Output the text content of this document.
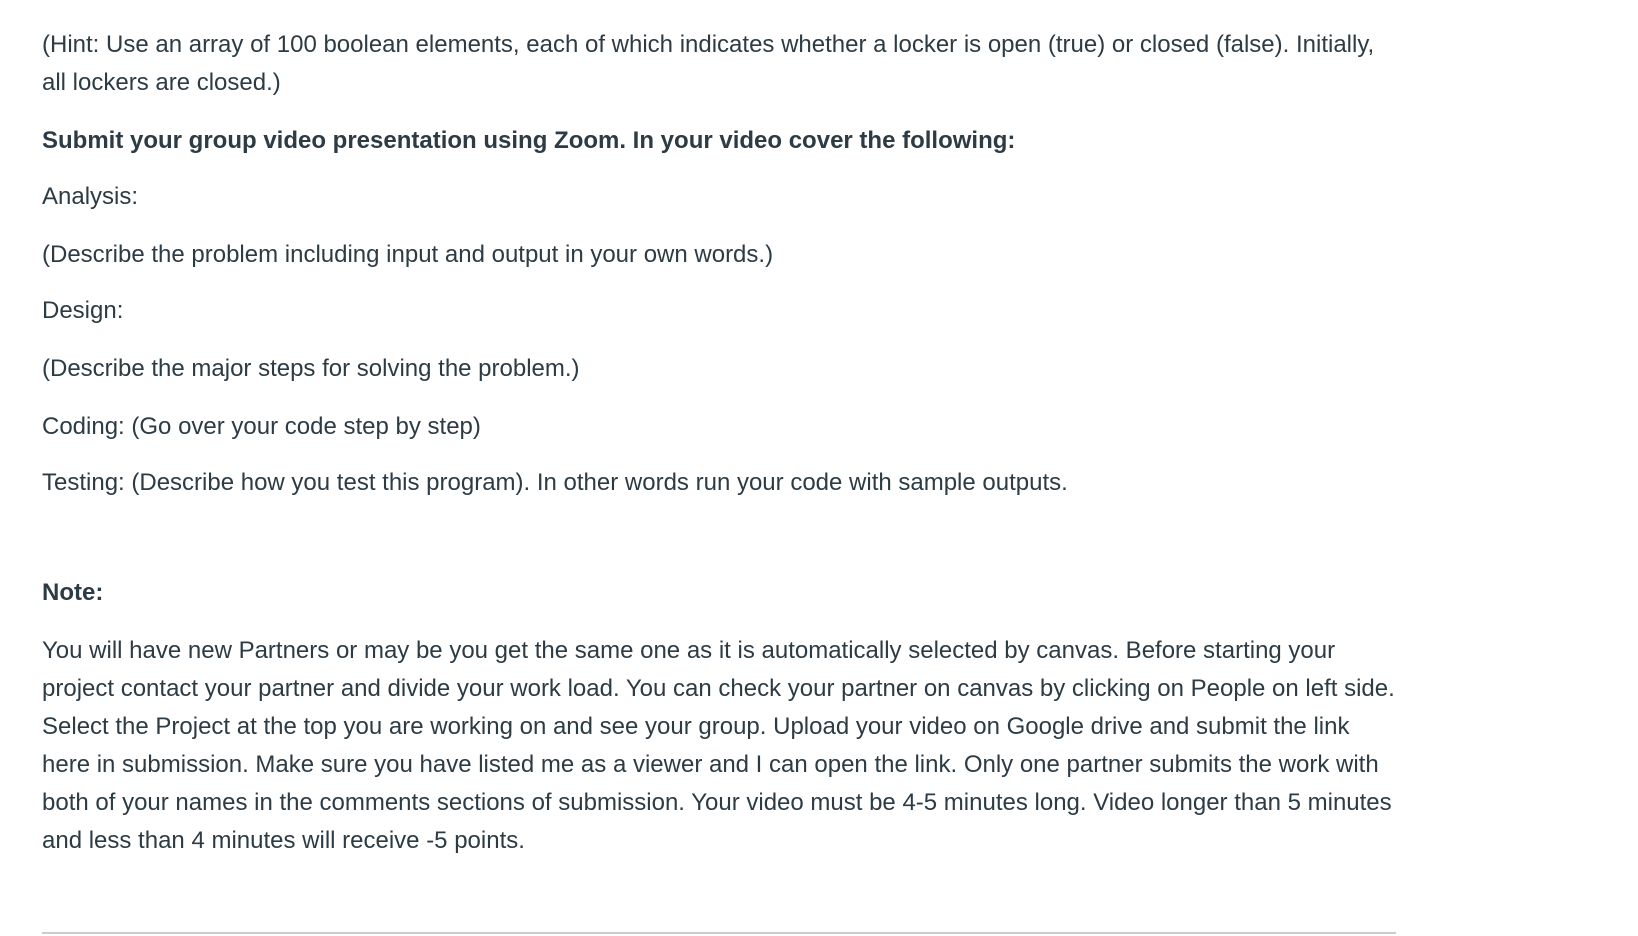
(Hint: Use an array of 100 boolean elements, each of which indicates whether a locker is open (true) or closed (false). Initially, all lockers are closed.)

Submit your group video presentation using Zoom. In your video cover the following:

Analysis:

(Describe the problem including input and output in your own words.)

Design:

(Describe the major steps for solving the problem.)

Coding: (Go over your code step by step)

Testing: (Describe how you test this program). In other words run your code with sample outputs.

Note:

You will have new Partners or may be you get the same one as it is automatically selected by canvas. Before starting your project contact your partner and divide your work load. You can check your partner on canvas by clicking on People on left side. Select the Project at the top you are working on and see your group. Upload your video on Google drive and submit the link here in submission. Make sure you have listed me as a viewer and I can open the link. Only one partner submits the work with both of your names in the comments sections of submission. Your video must be 4-5 minutes long. Video longer than 5 minutes and less than 4 minutes will receive -5 points.
